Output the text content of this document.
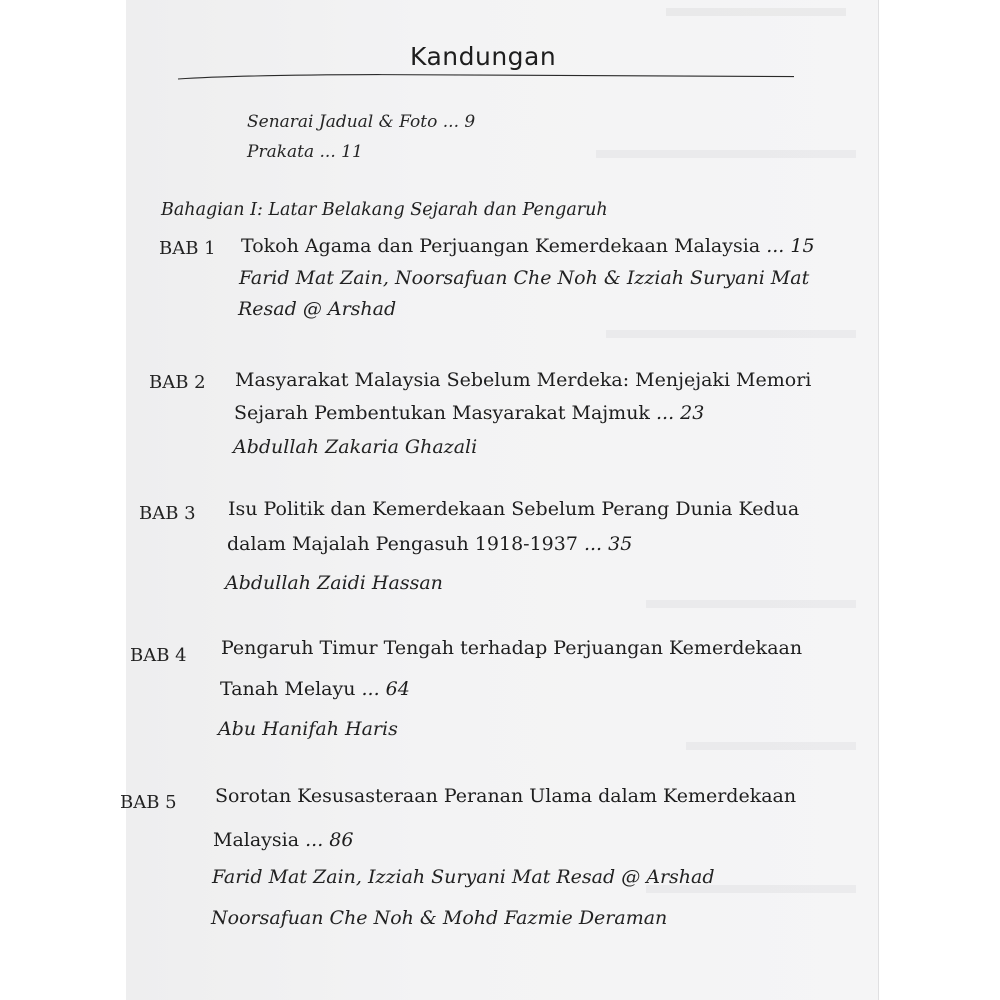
Kandungan
Senarai Jadual & Foto ... 9
Prakata ... 11
Bahagian I: Latar Belakang Sejarah dan Pengaruh
BAB 1 Tokoh Agama dan Perjuangan Kemerdekaan Malaysia ... 15
Farid Mat Zain, Noorsafuan Che Noh & Izziah Suryani Mat
Resad @ Arshad
BAB 2 Masyarakat Malaysia Sebelum Merdeka: Menjejaki Memori
Sejarah Pembentukan Masyarakat Majmuk ... 23
Abdullah Zakaria Ghazali
BAB 3 Isu Politik dan Kemerdekaan Sebelum Perang Dunia Kedua
dalam Majalah Pengasuh 1918-1937 ... 35
Abdullah Zaidi Hassan
BAB 4 Pengaruh Timur Tengah terhadap Perjuangan Kemerdekaan
Tanah Melayu ... 64
Abu Hanifah Haris
BAB 5 Sorotan Kesusasteraan Peranan Ulama dalam Kemerdekaan
Malaysia ... 86
Farid Mat Zain, Izziah Suryani Mat Resad @ Arshad
Noorsafuan Che Noh & Mohd Fazmie Deraman
